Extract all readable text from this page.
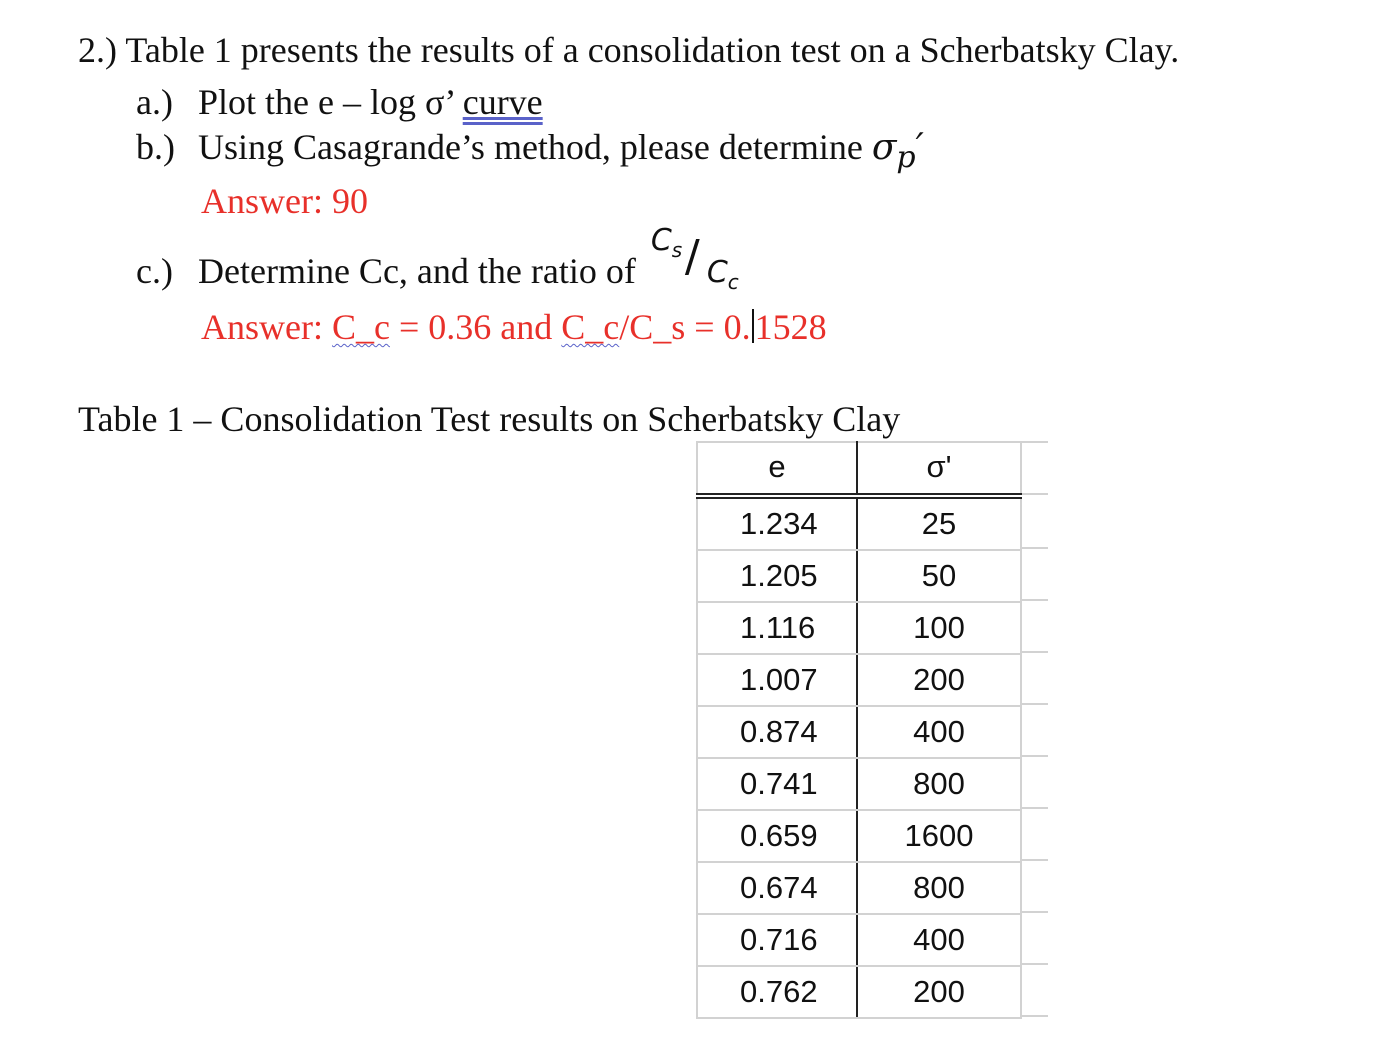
2.) Table 1 presents the results of a consolidation test on a Scherbatsky Clay.
a.) Plot the e – log σ’ curve
b.) Using Casagrande’s method, please determine $\sigma_p'$
Answer: 90
c.) Determine Cc, and the ratio of
$C_s / C_c$
Answer: C_c = 0.36 and C_c/C_s = 0. 1528
Table 1 – Consolidation Test results on Scherbatsky Clay
e	σ'
1.234	25
1.205	50
1.116	100
1.007	200
0.874	400
0.741	800
0.659	1600
0.674	800
0.716	400
0.762	200
